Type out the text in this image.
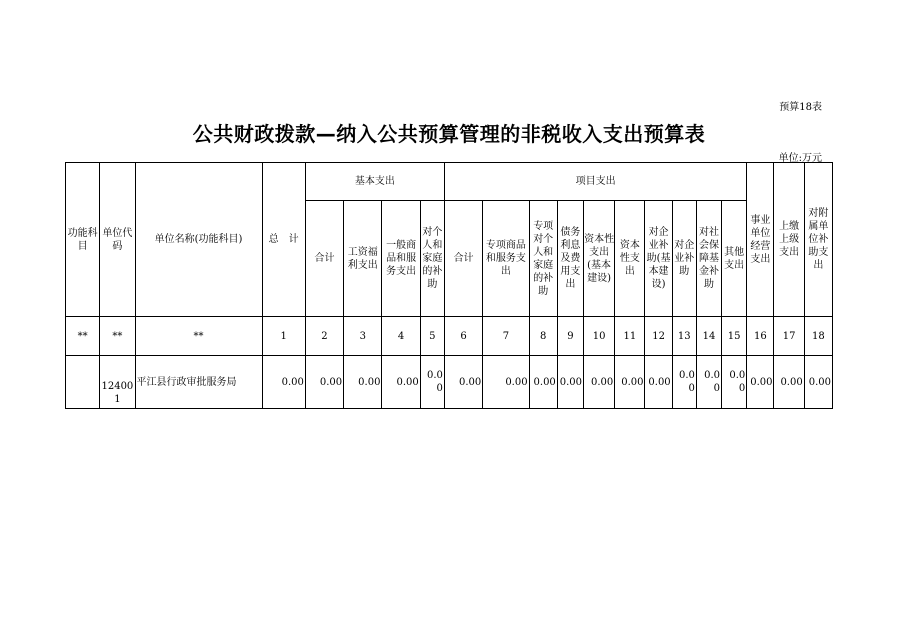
预算18表
公共财政拨款—纳入公共预算管理的非税收入支出预算表
单位:万元
功能科目	单位代码	单位名称(功能科目)	总　计	基本支出				项目支出										事业单位经营支出	上缴上级支出	对附属单位补助支出
				合计	工资福利支出	一般商品和服务支出	对个人和家庭的补助	合计	专项商品和服务支出	专项对个人和家庭的补助	债务利息及费用支出	资本性支出(基本建设)	资本性支出	对企业补助(基本建设)	对企业补助	对社会保障基金补助	其他支出			
**	**	**	1	2	3	4	5	6	7	8	9	10	11	12	13	14	15	16	17	18
	124001	平江县行政审批服务局	0.00	0.00	0.00	0.00	0.00	0.00	0.00	0.00	0.00	0.00	0.00	0.00	0.00	0.00	0.00	0.00	0.00	0.00
